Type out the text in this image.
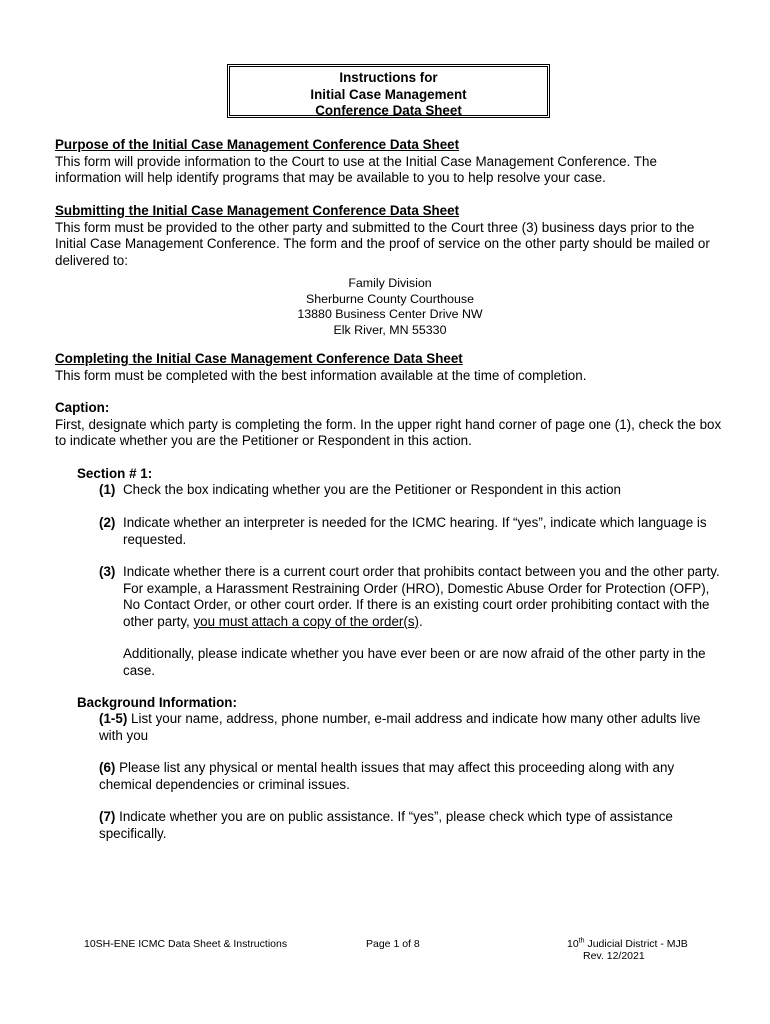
Instructions for
Initial Case Management
Conference Data Sheet
Purpose of the Initial Case Management Conference Data Sheet
This form will provide information to the Court to use at the Initial Case Management Conference. The information will help identify programs that may be available to you to help resolve your case.
Submitting the Initial Case Management Conference Data Sheet
This form must be provided to the other party and submitted to the Court three (3) business days prior to the Initial Case Management Conference. The form and the proof of service on the other party should be mailed or delivered to:
Family Division
Sherburne County Courthouse
13880 Business Center Drive NW
Elk River, MN 55330
Completing the Initial Case Management Conference Data Sheet
This form must be completed with the best information available at the time of completion.
Caption:
First, designate which party is completing the form. In the upper right hand corner of page one (1), check the box to indicate whether you are the Petitioner or Respondent in this action.
Section # 1:
(1) Check the box indicating whether you are the Petitioner or Respondent in this action
(2) Indicate whether an interpreter is needed for the ICMC hearing. If “yes”, indicate which language is requested.
(3) Indicate whether there is a current court order that prohibits contact between you and the other party. For example, a Harassment Restraining Order (HRO), Domestic Abuse Order for Protection (OFP), No Contact Order, or other court order. If there is an existing court order prohibiting contact with the other party, you must attach a copy of the order(s).
Additionally, please indicate whether you have ever been or are now afraid of the other party in the case.
Background Information:
(1-5) List your name, address, phone number, e-mail address and indicate how many other adults live with you
(6) Please list any physical or mental health issues that may affect this proceeding along with any chemical dependencies or criminal issues.
(7) Indicate whether you are on public assistance. If “yes”, please check which type of assistance specifically.
10SH-ENE ICMC Data Sheet & Instructions	Page 1 of 8	10th Judicial District - MJB
Rev. 12/2021
